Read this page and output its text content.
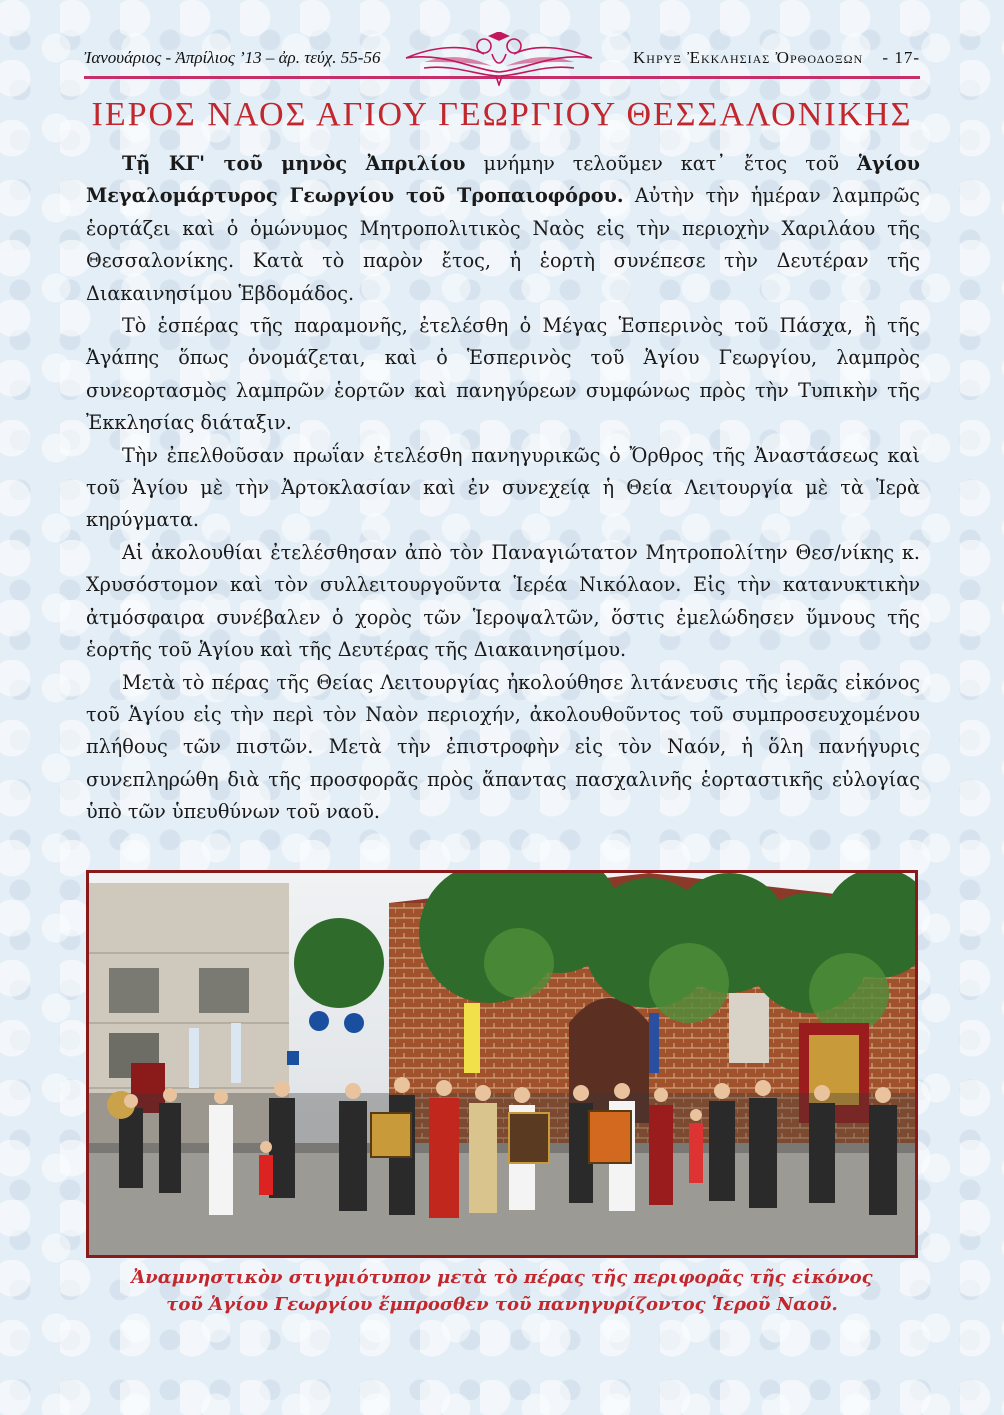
Ἰανουάριος - Ἀπρίλιος ’13 – ἀρ. τεύχ. 55-56	Κηρυξ Ἐκκλησιας Ὀρθοδοξων - 17-
ΙΕΡΟΣ ΝΑΟΣ ΑΓΙΟΥ ΓΕΩΡΓΙΟΥ ΘΕΣΣΑΛΟΝΙΚΗΣ

Τῇ ΚΓ' τοῦ μηνὸς Ἀπριλίου μνήμην τελοῦμεν κατ᾽ ἔτος τοῦ Ἁγίου Μεγαλομάρτυρος Γεωργίου τοῦ Τροπαιοφόρου. Αὐτὴν τὴν ἡμέραν λαμπρῶς ἑορτάζει καὶ ὁ ὁμώνυμος Μητροπολιτικὸς Ναὸς εἰς τὴν περιοχὴν Χαριλάου τῆς Θεσσαλονίκης. Κατὰ τὸ παρὸν ἔτος, ἡ ἑορτὴ συνέπεσε τὴν Δευτέραν τῆς Διακαινησίμου Ἑβδομάδος.

Τὸ ἑσπέρας τῆς παραμονῆς, ἐτελέσθη ὁ Μέγας Ἑσπερινὸς τοῦ Πάσχα, ἢ τῆς Ἀγάπης ὅπως ὀνομάζεται, καὶ ὁ Ἑσπερινὸς τοῦ Ἁγίου Γεωργίου, λαμπρὸς συνεορτασμὸς λαμπρῶν ἑορτῶν καὶ πανηγύρεων συμφώνως πρὸς τὴν Τυπικὴν τῆς Ἐκκλησίας διάταξιν.

Τὴν ἐπελθοῦσαν πρωΐαν ἐτελέσθη πανηγυρικῶς ὁ Ὄρθρος τῆς Ἀναστάσεως καὶ τοῦ Ἁγίου μὲ τὴν Ἀρτοκλασίαν καὶ ἐν συνεχείᾳ ἡ Θεία Λειτουργία μὲ τὰ Ἱερὰ κηρύγματα.

Αἱ ἀκολουθίαι ἐτελέσθησαν ἀπὸ τὸν Παναγιώτατον Μητροπολίτην Θεσ/νίκης κ. Χρυσόστομον καὶ τὸν συλλειτουργοῦντα Ἱερέα Νικόλαον. Εἰς τὴν κατανυκτικὴν ἀτμόσφαιρα συνέβαλεν ὁ χορὸς τῶν Ἱεροψαλτῶν, ὅστις ἐμελώδησεν ὕμνους τῆς ἑορτῆς τοῦ Ἁγίου καὶ τῆς Δευτέρας τῆς Διακαινησίμου.

Μετὰ τὸ πέρας τῆς Θείας Λειτουργίας ἠκολούθησε λιτάνευσις τῆς ἱερᾶς εἰκόνος τοῦ Ἁγίου εἰς τὴν περὶ τὸν Ναὸν περιοχήν, ἀκολουθοῦντος τοῦ συμπροσευχομένου πλήθους τῶν πιστῶν. Μετὰ τὴν ἐπιστροφὴν εἰς τὸν Ναόν, ἡ ὅλη πανήγυρις συνεπληρώθη διὰ τῆς προσφορᾶς πρὸς ἅπαντας πασχαλινῆς ἑορταστικῆς εὐλογίας ὑπὸ τῶν ὑπευθύνων τοῦ ναοῦ.

Ἀναμνηστικὸν στιγμιότυπον μετὰ τὸ πέρας τῆς περιφορᾶς τῆς εἰκόνος
τοῦ Ἁγίου Γεωργίου ἔμπροσθεν τοῦ πανηγυρίζοντος Ἱεροῦ Ναοῦ.
